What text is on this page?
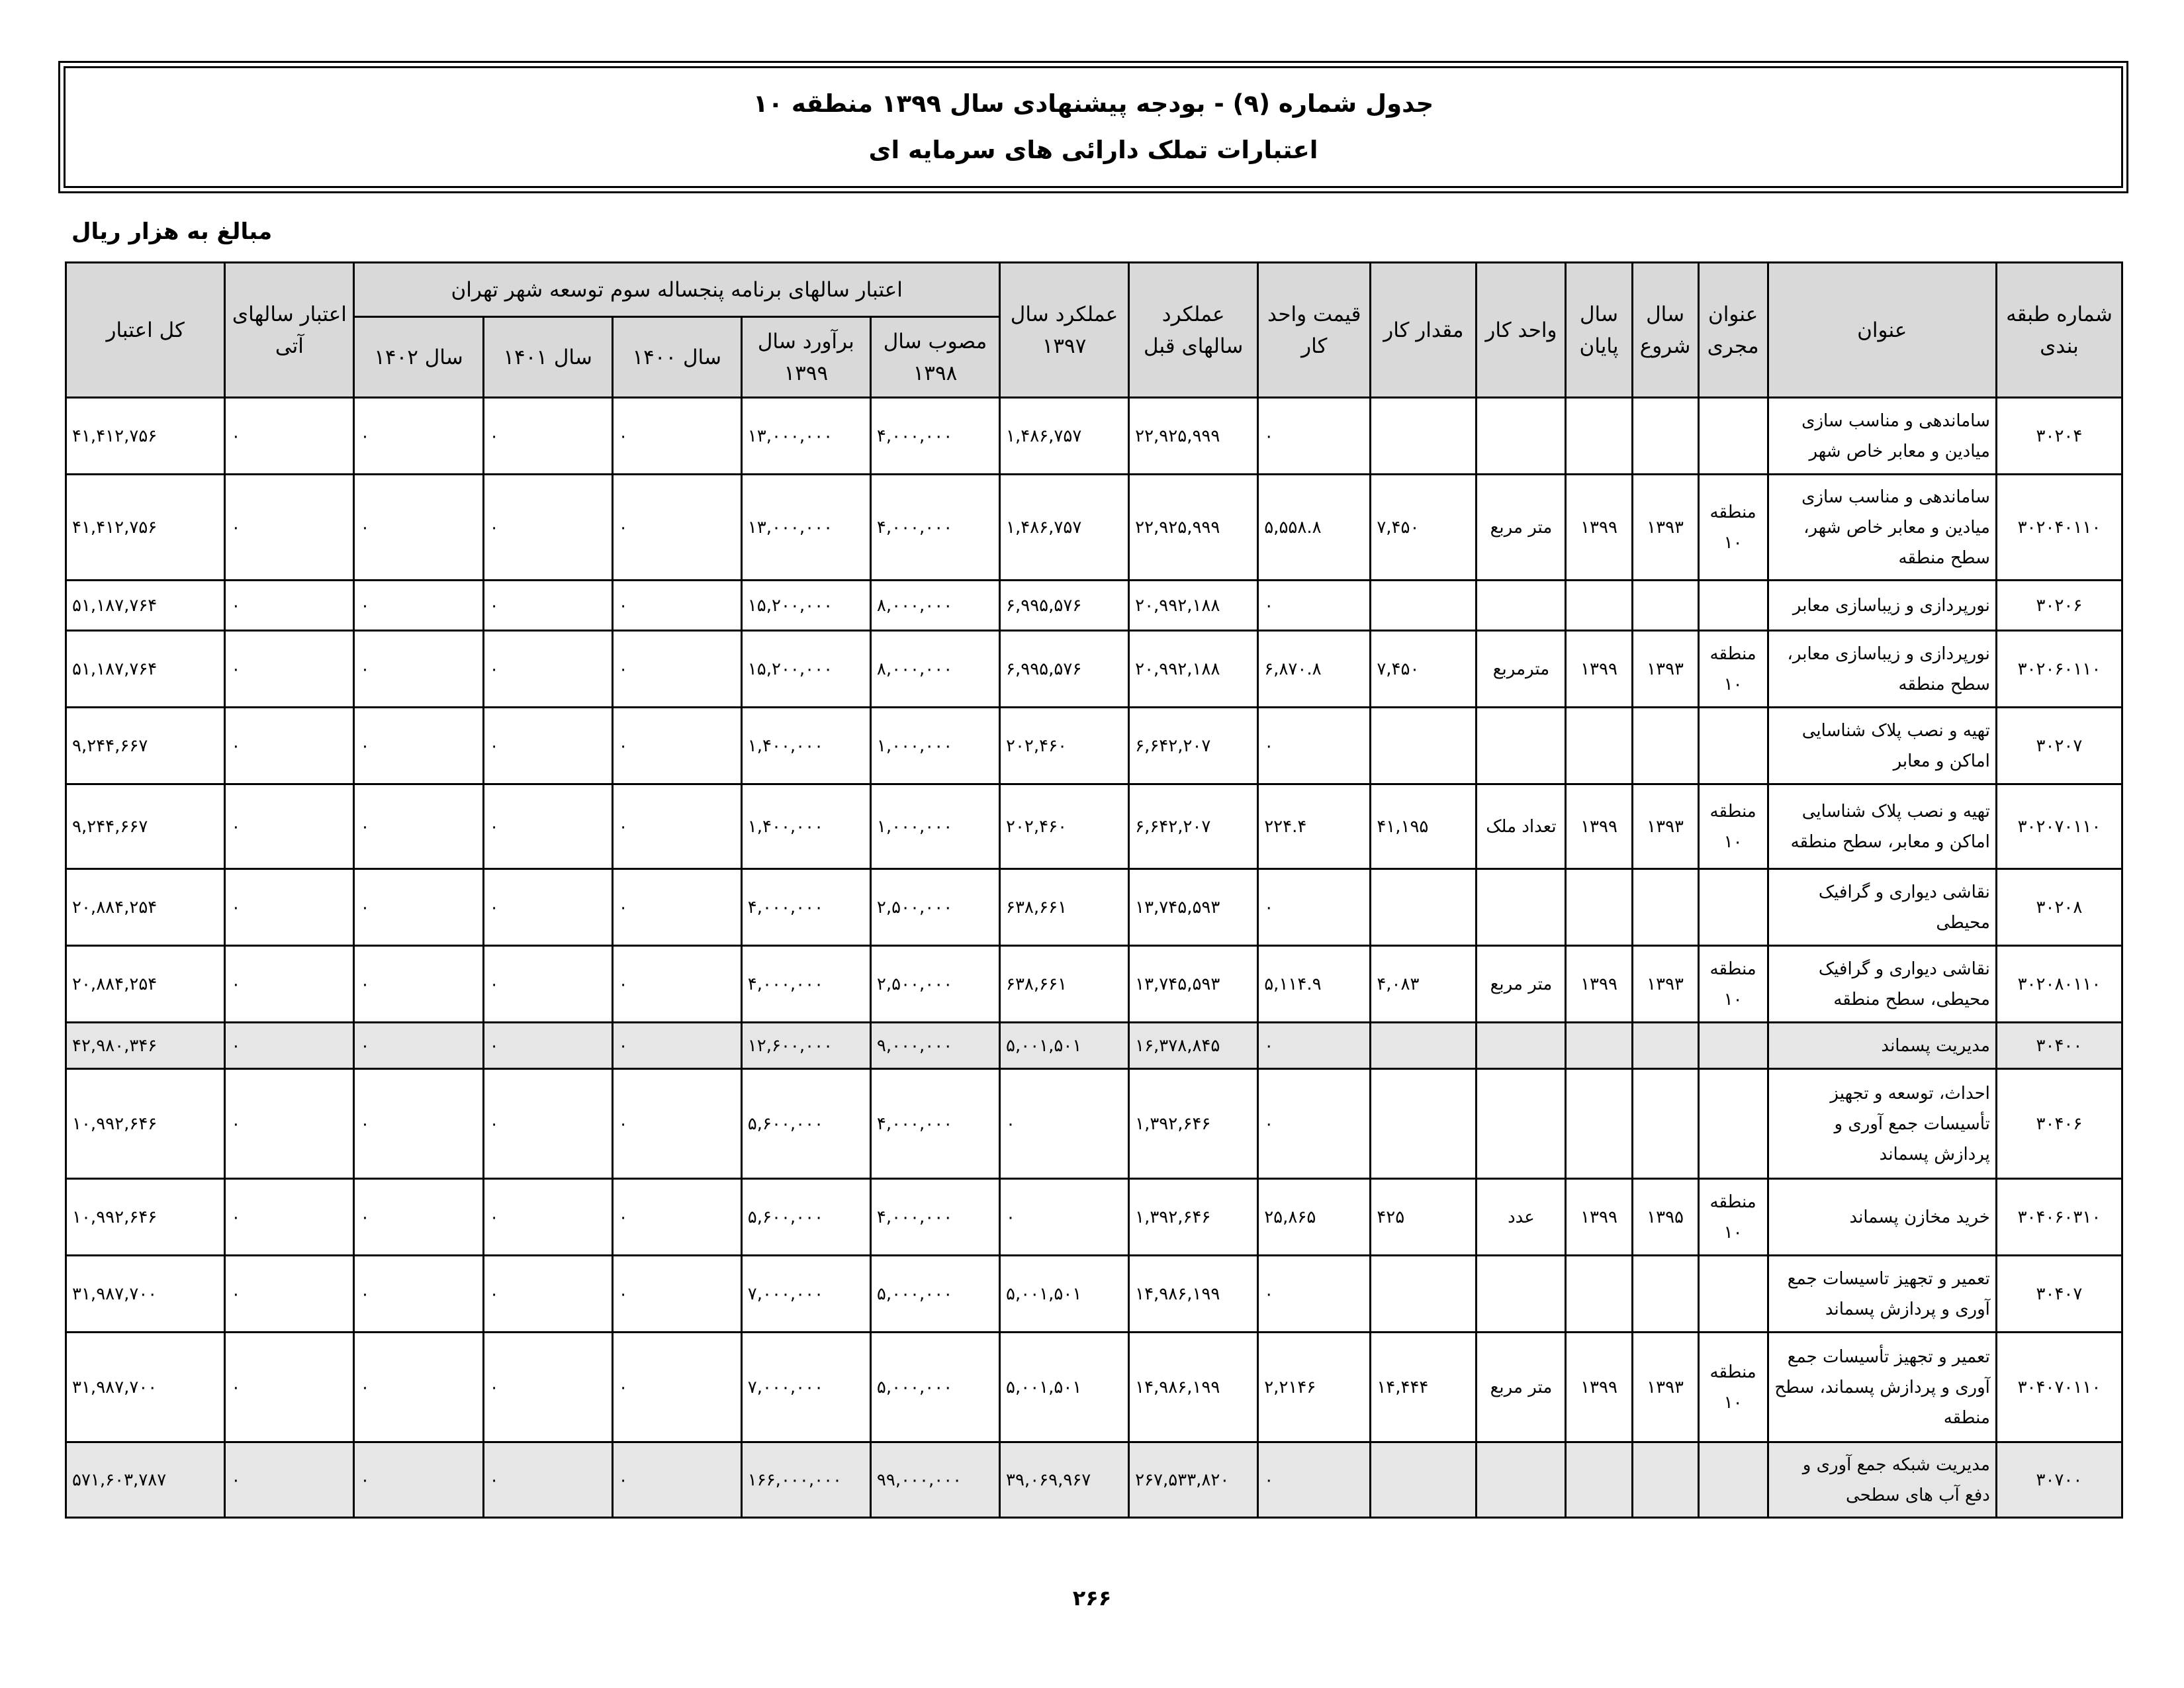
جدول شماره (۹) - بودجه پیشنهادی سال ۱۳۹۹ منطقه ۱۰
اعتبارات تملک دارائی های سرمایه ای
مبالغ به هزار ریال
شماره طبقه بندی	عنوان	عنوان مجری	سال شروع	سال پایان	واحد کار	مقدار کار	قیمت واحد کار	عملکرد سالهای قبل	عملکرد سال ۱۳۹۷	اعتبار سالهای برنامه پنجساله سوم توسعه شهر تهران					اعتبار سالهای آتی	کل اعتبار
										مصوب سال ۱۳۹۸	برآورد سال ۱۳۹۹	سال ۱۴۰۰	سال ۱۴۰۱	سال ۱۴۰۲		
۳۰۲۰۴	ساماندهی و مناسب سازی میادین و معابر خاص شهر						۰	۲۲,۹۲۵,۹۹۹	۱,۴۸۶,۷۵۷	۴,۰۰۰,۰۰۰	۱۳,۰۰۰,۰۰۰	۰	۰	۰	۰	۴۱,۴۱۲,۷۵۶
۳۰۲۰۴۰۱۱۰	ساماندهی و مناسب سازی میادین و معابر خاص شهر، سطح منطقه	منطقه ۱۰	۱۳۹۳	۱۳۹۹	متر مربع	۷,۴۵۰	۵,۵۵۸.۸	۲۲,۹۲۵,۹۹۹	۱,۴۸۶,۷۵۷	۴,۰۰۰,۰۰۰	۱۳,۰۰۰,۰۰۰	۰	۰	۰	۰	۴۱,۴۱۲,۷۵۶
۳۰۲۰۶	نورپردازی و زیباسازی معابر						۰	۲۰,۹۹۲,۱۸۸	۶,۹۹۵,۵۷۶	۸,۰۰۰,۰۰۰	۱۵,۲۰۰,۰۰۰	۰	۰	۰	۰	۵۱,۱۸۷,۷۶۴
۳۰۲۰۶۰۱۱۰	نورپردازی و زیباسازی معابر، سطح منطقه	منطقه ۱۰	۱۳۹۳	۱۳۹۹	مترمربع	۷,۴۵۰	۶,۸۷۰.۸	۲۰,۹۹۲,۱۸۸	۶,۹۹۵,۵۷۶	۸,۰۰۰,۰۰۰	۱۵,۲۰۰,۰۰۰	۰	۰	۰	۰	۵۱,۱۸۷,۷۶۴
۳۰۲۰۷	تهیه و نصب پلاک شناسایی اماکن و معابر						۰	۶,۶۴۲,۲۰۷	۲۰۲,۴۶۰	۱,۰۰۰,۰۰۰	۱,۴۰۰,۰۰۰	۰	۰	۰	۰	۹,۲۴۴,۶۶۷
۳۰۲۰۷۰۱۱۰	تهیه و نصب پلاک شناسایی اماکن و معابر، سطح منطقه	منطقه ۱۰	۱۳۹۳	۱۳۹۹	تعداد ملک	۴۱,۱۹۵	۲۲۴.۴	۶,۶۴۲,۲۰۷	۲۰۲,۴۶۰	۱,۰۰۰,۰۰۰	۱,۴۰۰,۰۰۰	۰	۰	۰	۰	۹,۲۴۴,۶۶۷
۳۰۲۰۸	نقاشی دیواری و گرافیک محیطی						۰	۱۳,۷۴۵,۵۹۳	۶۳۸,۶۶۱	۲,۵۰۰,۰۰۰	۴,۰۰۰,۰۰۰	۰	۰	۰	۰	۲۰,۸۸۴,۲۵۴
۳۰۲۰۸۰۱۱۰	نقاشی دیواری و گرافیک محیطی، سطح منطقه	منطقه ۱۰	۱۳۹۳	۱۳۹۹	متر مربع	۴,۰۸۳	۵,۱۱۴.۹	۱۳,۷۴۵,۵۹۳	۶۳۸,۶۶۱	۲,۵۰۰,۰۰۰	۴,۰۰۰,۰۰۰	۰	۰	۰	۰	۲۰,۸۸۴,۲۵۴
۳۰۴۰۰	مدیریت پسماند						۰	۱۶,۳۷۸,۸۴۵	۵,۰۰۱,۵۰۱	۹,۰۰۰,۰۰۰	۱۲,۶۰۰,۰۰۰	۰	۰	۰	۰	۴۲,۹۸۰,۳۴۶
۳۰۴۰۶	احداث، توسعه و تجهیز تأسیسات جمع آوری و پردازش پسماند						۰	۱,۳۹۲,۶۴۶	۰	۴,۰۰۰,۰۰۰	۵,۶۰۰,۰۰۰	۰	۰	۰	۰	۱۰,۹۹۲,۶۴۶
۳۰۴۰۶۰۳۱۰	خرید مخازن پسماند	منطقه ۱۰	۱۳۹۵	۱۳۹۹	عدد	۴۲۵	۲۵,۸۶۵	۱,۳۹۲,۶۴۶	۰	۴,۰۰۰,۰۰۰	۵,۶۰۰,۰۰۰	۰	۰	۰	۰	۱۰,۹۹۲,۶۴۶
۳۰۴۰۷	تعمیر و تجهیز تاسیسات جمع آوری و پردازش پسماند						۰	۱۴,۹۸۶,۱۹۹	۵,۰۰۱,۵۰۱	۵,۰۰۰,۰۰۰	۷,۰۰۰,۰۰۰	۰	۰	۰	۰	۳۱,۹۸۷,۷۰۰
۳۰۴۰۷۰۱۱۰	تعمیر و تجهیز تأسیسات جمع آوری و پردازش پسماند، سطح منطقه	منطقه ۱۰	۱۳۹۳	۱۳۹۹	متر مربع	۱۴,۴۴۴	۲,۲۱۴۶	۱۴,۹۸۶,۱۹۹	۵,۰۰۱,۵۰۱	۵,۰۰۰,۰۰۰	۷,۰۰۰,۰۰۰	۰	۰	۰	۰	۳۱,۹۸۷,۷۰۰
۳۰۷۰۰	مدیریت شبکه جمع آوری و دفع آب های سطحی						۰	۲۶۷,۵۳۳,۸۲۰	۳۹,۰۶۹,۹۶۷	۹۹,۰۰۰,۰۰۰	۱۶۶,۰۰۰,۰۰۰	۰	۰	۰	۰	۵۷۱,۶۰۳,۷۸۷
۲۶۶
